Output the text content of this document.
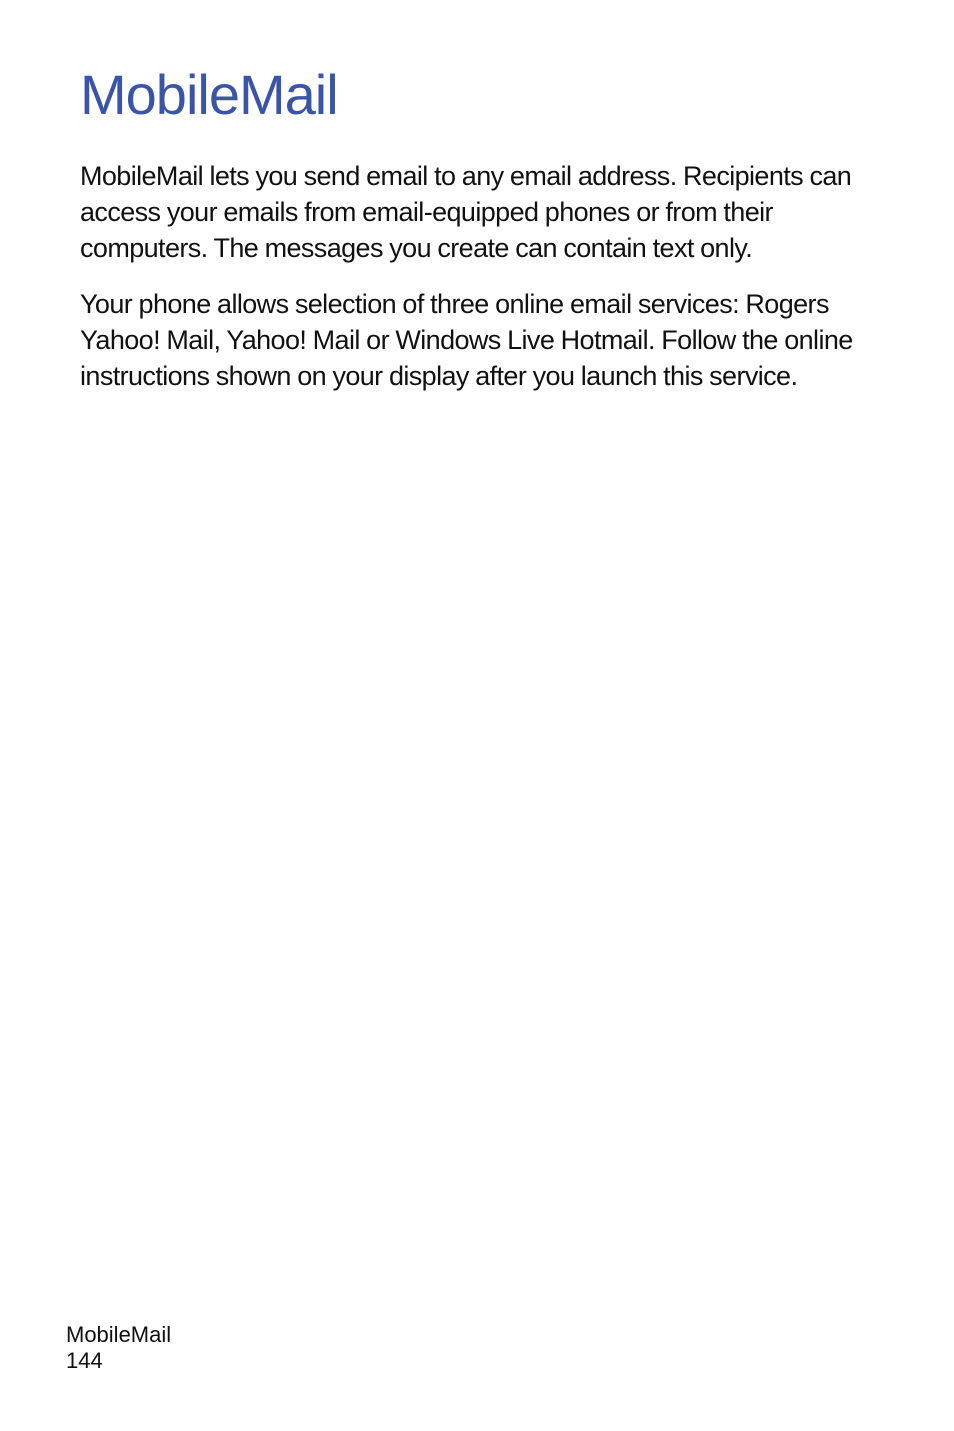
MobileMail

MobileMail lets you send email to any email address. Recipients can access your emails from email-equipped phones or from their computers. The messages you create can contain text only.

Your phone allows selection of three online email services: Rogers Yahoo! Mail, Yahoo! Mail or Windows Live Hotmail. Follow the online instructions shown on your display after you launch this service.

MobileMail
144
